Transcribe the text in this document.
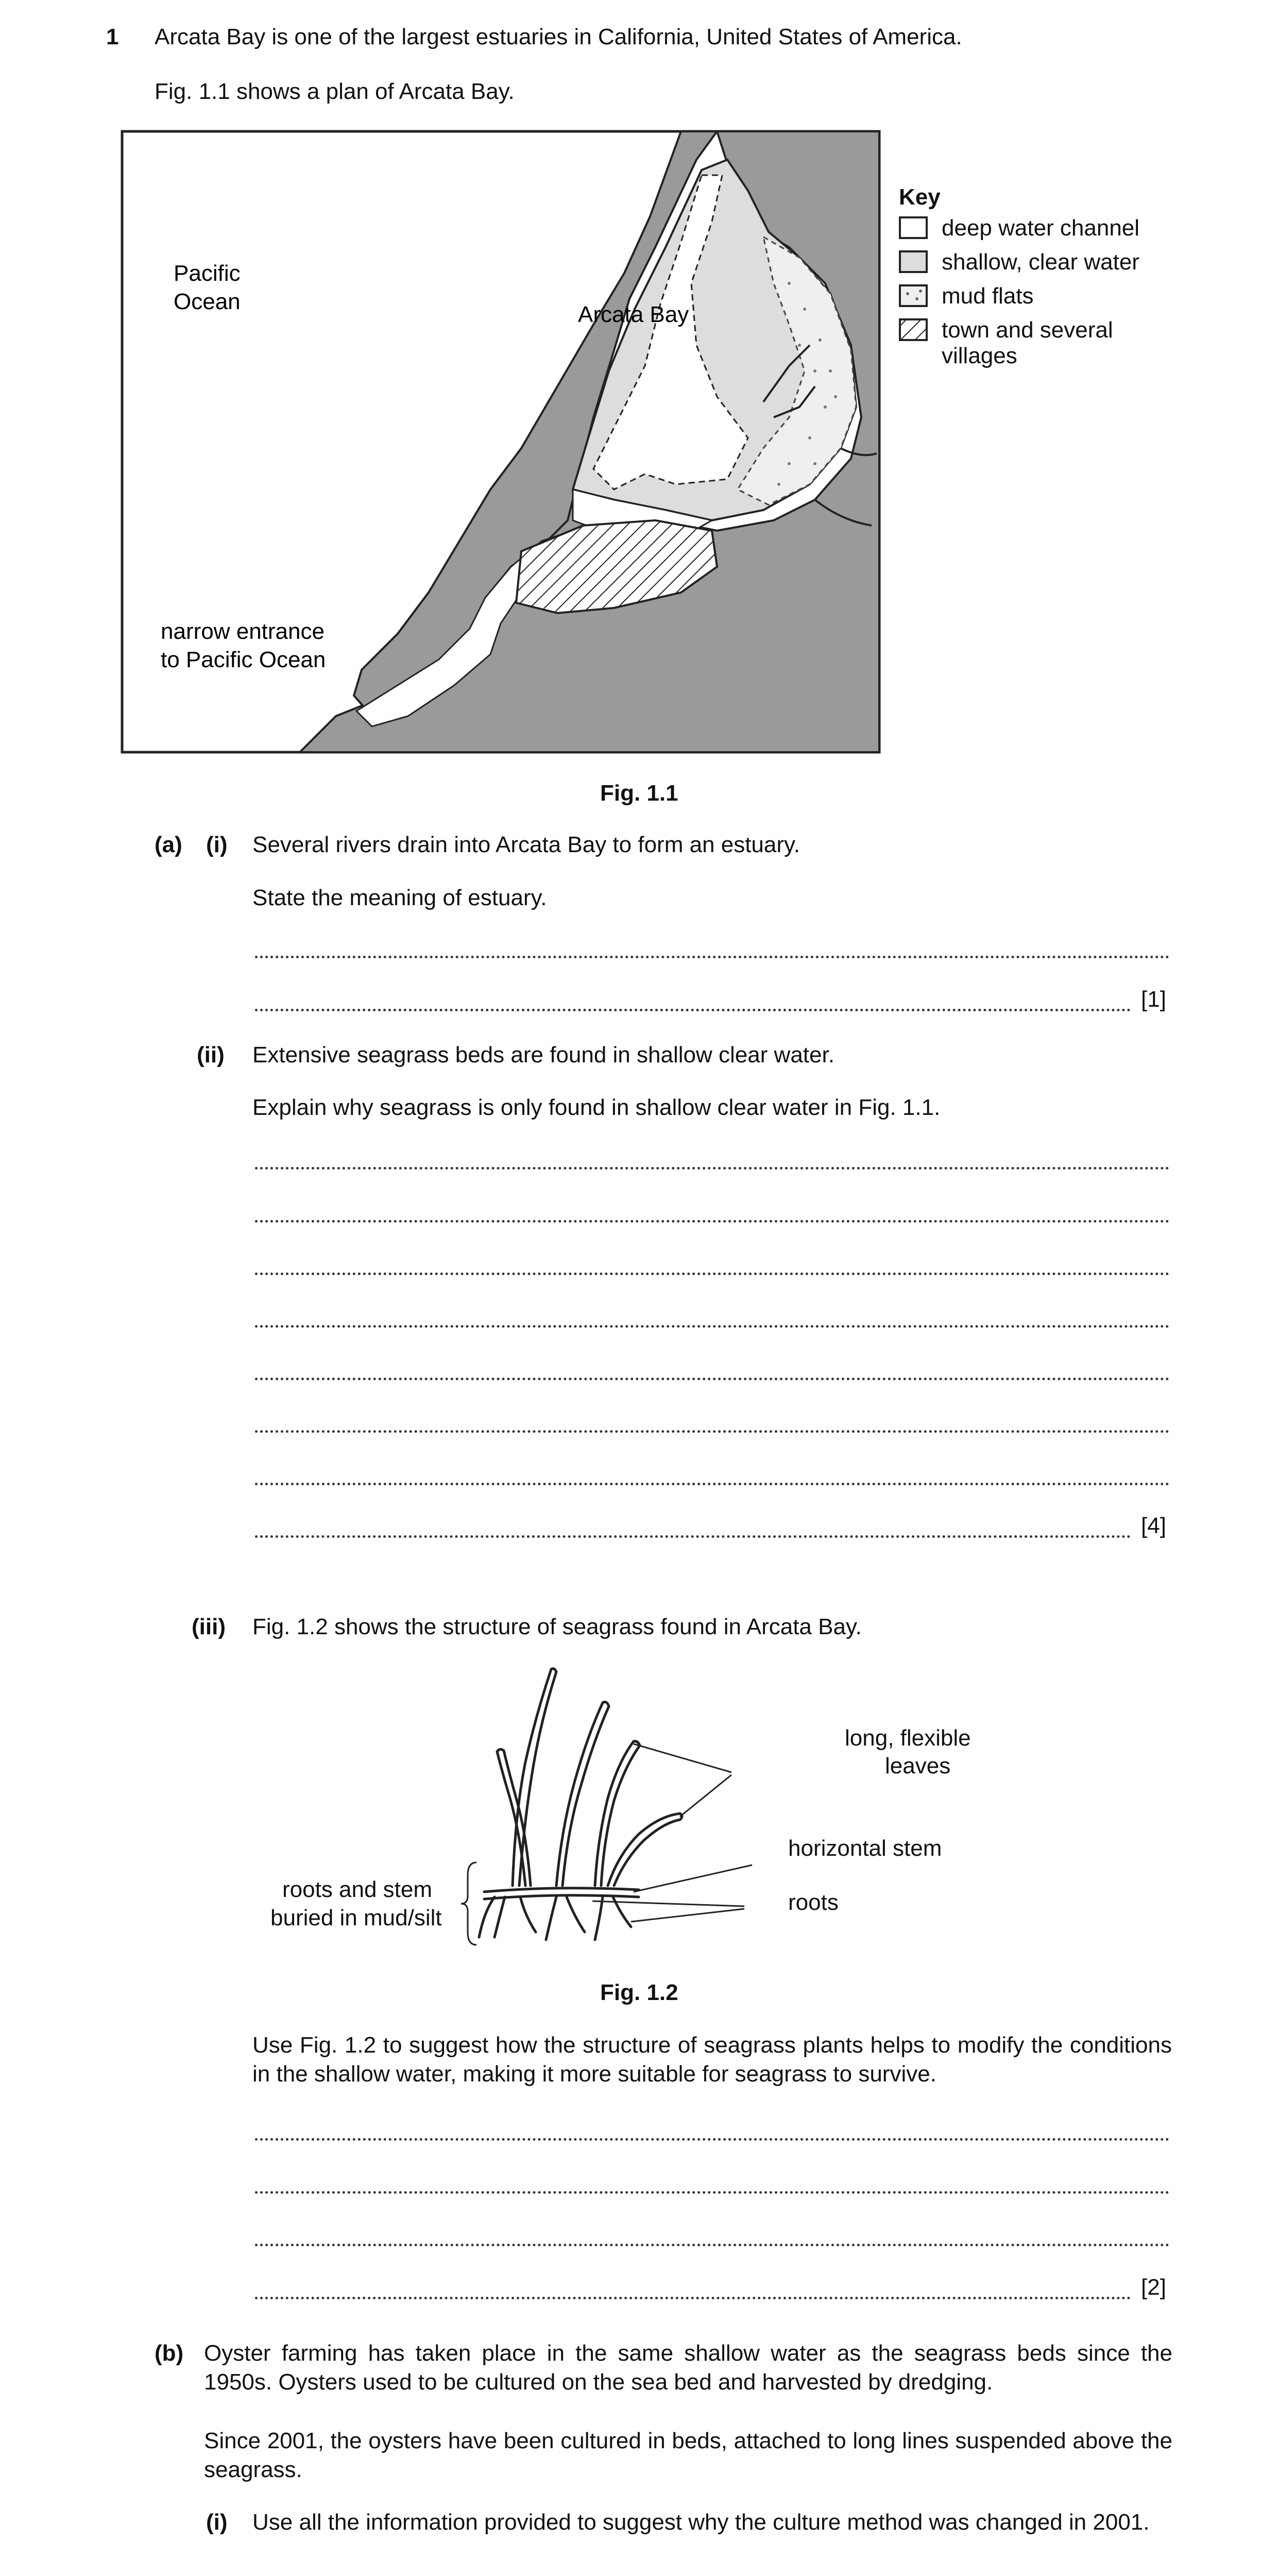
1 Arcata Bay is one of the largest estuaries in California, United States of America.
Fig. 1.1 shows a plan of Arcata Bay.
Pacific
Ocean
Arcata Bay
narrow entrance
to Pacific Ocean
Key
deep water channel
shallow, clear water
mud flats
town and several
villages
Fig. 1.1
(a) (i) Several rivers drain into Arcata Bay to form an estuary.
State the meaning of estuary.
[1]
(ii) Extensive seagrass beds are found in shallow clear water.
Explain why seagrass is only found in shallow clear water in Fig. 1.1.
[4]
(iii) Fig. 1.2 shows the structure of seagrass found in Arcata Bay.
long, flexible
leaves
horizontal stem
roots
roots and stem
buried in mud/silt
Fig. 1.2
Use Fig. 1.2 to suggest how the structure of seagrass plants helps to modify the conditions in the shallow water, making it more suitable for seagrass to survive.
[2]
(b) Oyster farming has taken place in the same shallow water as the seagrass beds since the 1950s. Oysters used to be cultured on the sea bed and harvested by dredging.
Since 2001, the oysters have been cultured in beds, attached to long lines suspended above the seagrass.
(i) Use all the information provided to suggest why the culture method was changed in 2001.
